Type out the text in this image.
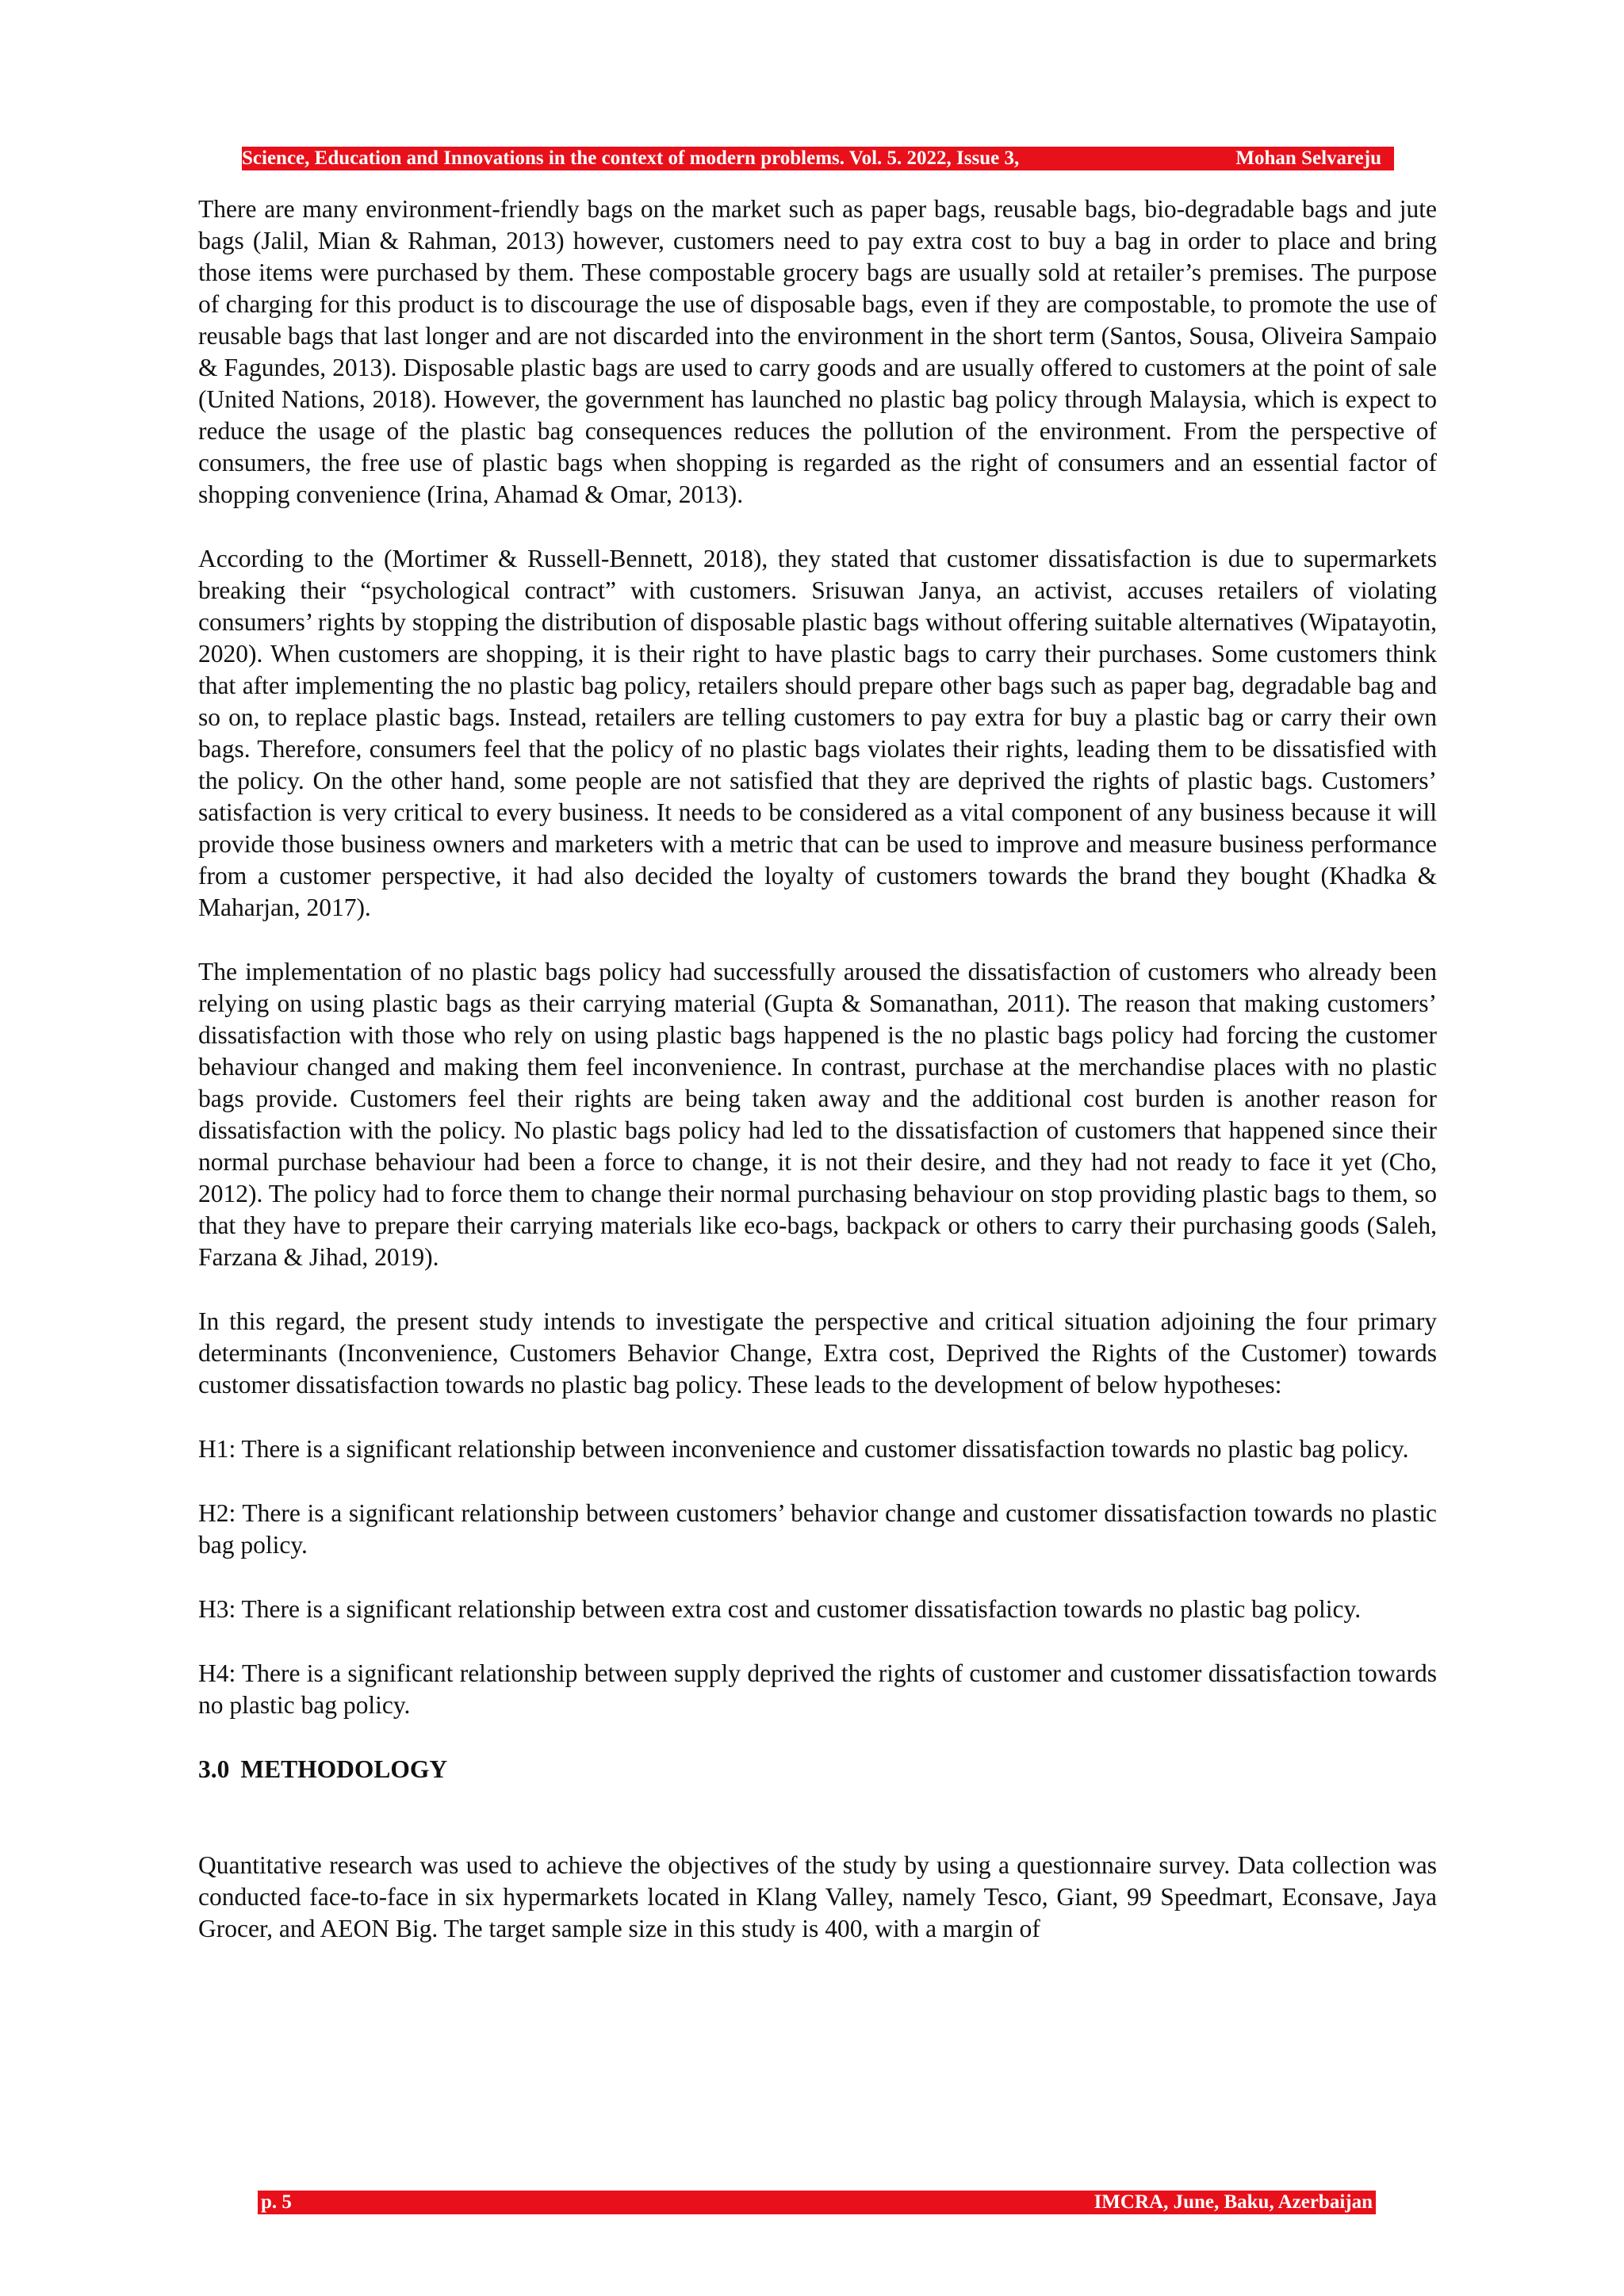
Science, Education and Innovations in the context of modern problems. Vol. 5. 2022, Issue 3,	Mohan Selvareju

There are many environment-friendly bags on the market such as paper bags, reusable bags, bio-degradable bags and jute bags (Jalil, Mian & Rahman, 2013) however, customers need to pay extra cost to buy a bag in order to place and bring those items were purchased by them. These compostable grocery bags are usually sold at retailer’s premises. The purpose of charging for this product is to discourage the use of disposable bags, even if they are compostable, to promote the use of reusable bags that last longer and are not discarded into the environment in the short term (Santos, Sousa, Oliveira Sampaio & Fagundes, 2013). Disposable plastic bags are used to carry goods and are usually offered to customers at the point of sale (United Nations, 2018). However, the government has launched no plastic bag policy through Malaysia, which is expect to reduce the usage of the plastic bag consequences reduces the pollution of the environment. From the perspective of consumers, the free use of plastic bags when shopping is regarded as the right of consumers and an essential factor of shopping convenience (Irina, Ahamad & Omar, 2013).

According to the (Mortimer & Russell-Bennett, 2018), they stated that customer dissatisfaction is due to supermarkets breaking their “psychological contract” with customers. Srisuwan Janya, an activist, accuses retailers of violating consumers’ rights by stopping the distribution of disposable plastic bags without offering suitable alternatives (Wipatayotin, 2020). When customers are shopping, it is their right to have plastic bags to carry their purchases. Some customers think that after implementing the no plastic bag policy, retailers should prepare other bags such as paper bag, degradable bag and so on, to replace plastic bags. Instead, retailers are telling customers to pay extra for buy a plastic bag or carry their own bags. Therefore, consumers feel that the policy of no plastic bags violates their rights, leading them to be dissatisfied with the policy. On the other hand, some people are not satisfied that they are deprived the rights of plastic bags. Customers’ satisfaction is very critical to every business. It needs to be considered as a vital component of any business because it will provide those business owners and marketers with a metric that can be used to improve and measure business performance from a customer perspective, it had also decided the loyalty of customers towards the brand they bought (Khadka & Maharjan, 2017).

The implementation of no plastic bags policy had successfully aroused the dissatisfaction of customers who already been relying on using plastic bags as their carrying material (Gupta & Somanathan, 2011). The reason that making customers’ dissatisfaction with those who rely on using plastic bags happened is the no plastic bags policy had forcing the customer behaviour changed and making them feel inconvenience. In contrast, purchase at the merchandise places with no plastic bags provide. Customers feel their rights are being taken away and the additional cost burden is another reason for dissatisfaction with the policy. No plastic bags policy had led to the dissatisfaction of customers that happened since their normal purchase behaviour had been a force to change, it is not their desire, and they had not ready to face it yet (Cho, 2012). The policy had to force them to change their normal purchasing behaviour on stop providing plastic bags to them, so that they have to prepare their carrying materials like eco-bags, backpack or others to carry their purchasing goods (Saleh, Farzana & Jihad, 2019).

In this regard, the present study intends to investigate the perspective and critical situation adjoining the four primary determinants (Inconvenience, Customers Behavior Change, Extra cost, Deprived the Rights of the Customer) towards customer dissatisfaction towards no plastic bag policy. These leads to the development of below hypotheses:

H1: There is a significant relationship between inconvenience and customer dissatisfaction towards no plastic bag policy.

H2: There is a significant relationship between customers’ behavior change and customer dissatisfaction towards no plastic bag policy.

H3: There is a significant relationship between extra cost and customer dissatisfaction towards no plastic bag policy.

H4: There is a significant relationship between supply deprived the rights of customer and customer dissatisfaction towards no plastic bag policy.

3.0 METHODOLOGY

Quantitative research was used to achieve the objectives of the study by using a questionnaire survey. Data collection was conducted face-to-face in six hypermarkets located in Klang Valley, namely Tesco, Giant, 99 Speedmart, Econsave, Jaya Grocer, and AEON Big. The target sample size in this study is 400, with a margin of

p. 5	IMCRA, June, Baku, Azerbaijan
